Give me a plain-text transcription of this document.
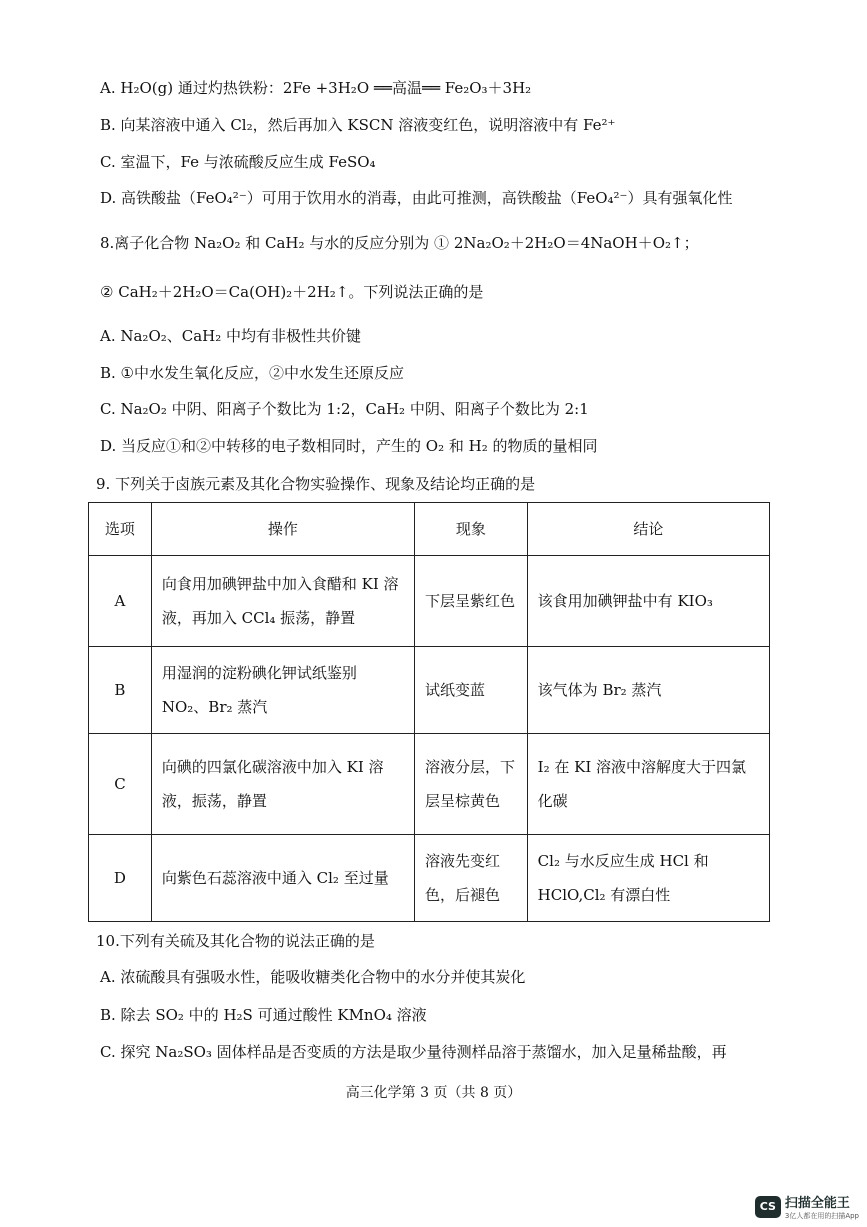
A. H₂O(g) 通过灼热铁粉：2Fe +3H₂O ══高温══ Fe₂O₃＋3H₂
B. 向某溶液中通入 Cl₂，然后再加入 KSCN 溶液变红色，说明溶液中有 Fe²⁺
C. 室温下，Fe 与浓硫酸反应生成 FeSO₄
D. 高铁酸盐（FeO₄²⁻）可用于饮用水的消毒，由此可推测，高铁酸盐（FeO₄²⁻）具有强氧化性
8.离子化合物 Na₂O₂ 和 CaH₂ 与水的反应分别为 ① 2Na₂O₂＋2H₂O＝4NaOH＋O₂↑；
② CaH₂＋2H₂O＝Ca(OH)₂＋2H₂↑。下列说法正确的是
A. Na₂O₂、CaH₂ 中均有非极性共价键
B. ①中水发生氧化反应，②中水发生还原反应
C. Na₂O₂ 中阴、阳离子个数比为 1:2，CaH₂ 中阴、阳离子个数比为 2:1
D. 当反应①和②中转移的电子数相同时，产生的 O₂ 和 H₂ 的物质的量相同
9. 下列关于卤族元素及其化合物实验操作、现象及结论均正确的是
选项	操作	现象	结论
A	向食用加碘钾盐中加入食醋和 KI 溶液，再加入 CCl₄ 振荡，静置	下层呈紫红色	该食用加碘钾盐中有 KIO₃
B	用湿润的淀粉碘化钾试纸鉴别 NO₂、Br₂ 蒸汽	试纸变蓝	该气体为 Br₂ 蒸汽
C	向碘的四氯化碳溶液中加入 KI 溶液，振荡，静置	溶液分层，下层呈棕黄色	I₂ 在 KI 溶液中溶解度大于四氯化碳
D	向紫色石蕊溶液中通入 Cl₂ 至过量	溶液先变红色，后褪色	Cl₂ 与水反应生成 HCl 和 HClO,Cl₂ 有漂白性
10.下列有关硫及其化合物的说法正确的是
A. 浓硫酸具有强吸水性，能吸收糖类化合物中的水分并使其炭化
B. 除去 SO₂ 中的 H₂S 可通过酸性 KMnO₄ 溶液
C. 探究 Na₂SO₃ 固体样品是否变质的方法是取少量待测样品溶于蒸馏水，加入足量稀盐酸，再
高三化学第 3 页（共 8 页）
CS 扫描全能王
3亿人都在用的扫描App
